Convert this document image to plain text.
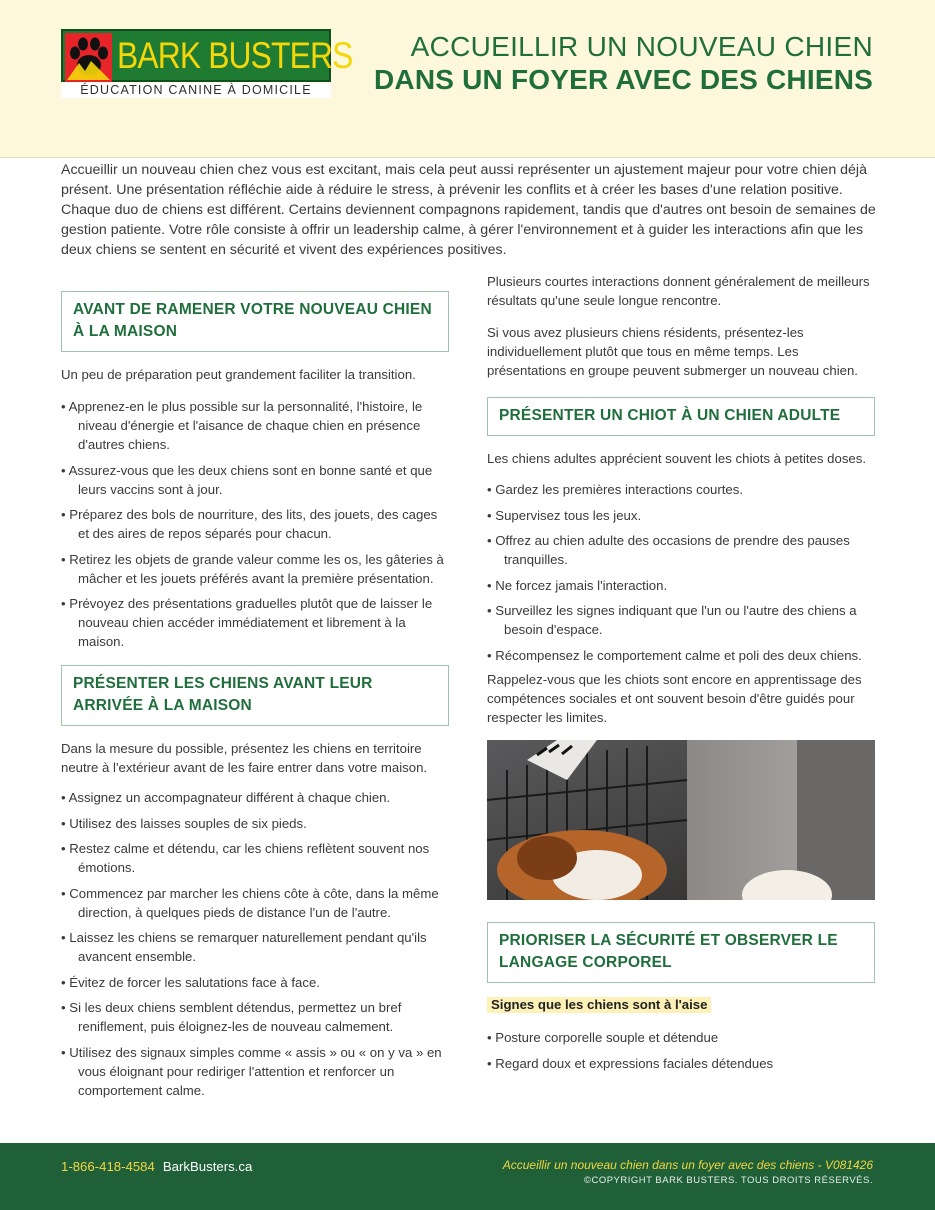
BARK BUSTERS
ÉDUCATION CANINE À DOMICILE
ACCUEILLIR UN NOUVEAU CHIEN
DANS UN FOYER AVEC DES CHIENS

Accueillir un nouveau chien chez vous est excitant, mais cela peut aussi représenter un ajustement majeur pour votre chien déjà présent. Une présentation réfléchie aide à réduire le stress, à prévenir les conflits et à créer les bases d'une relation positive. Chaque duo de chiens est différent. Certains deviennent compagnons rapidement, tandis que d'autres ont besoin de semaines de gestion patiente. Votre rôle consiste à offrir un leadership calme, à gérer l'environnement et à guider les interactions afin que les deux chiens se sentent en sécurité et vivent des expériences positives.

AVANT DE RAMENER VOTRE NOUVEAU CHIEN À LA MAISON

Un peu de préparation peut grandement faciliter la transition.

• Apprenez-en le plus possible sur la personnalité, l'histoire, le niveau d'énergie et l'aisance de chaque chien en présence d'autres chiens.
• Assurez-vous que les deux chiens sont en bonne santé et que leurs vaccins sont à jour.
• Préparez des bols de nourriture, des lits, des jouets, des cages et des aires de repos séparés pour chacun.
• Retirez les objets de grande valeur comme les os, les gâteries à mâcher et les jouets préférés avant la première présentation.
• Prévoyez des présentations graduelles plutôt que de laisser le nouveau chien accéder immédiatement et librement à la maison.
PRÉSENTER LES CHIENS AVANT LEUR ARRIVÉE À LA MAISON

Dans la mesure du possible, présentez les chiens en territoire neutre à l'extérieur avant de les faire entrer dans votre maison.

• Assignez un accompagnateur différent à chaque chien.
• Utilisez des laisses souples de six pieds.
• Restez calme et détendu, car les chiens reflètent souvent nos émotions.
• Commencez par marcher les chiens côte à côte, dans la même direction, à quelques pieds de distance l'un de l'autre.
• Laissez les chiens se remarquer naturellement pendant qu'ils avancent ensemble.
• Évitez de forcer les salutations face à face.
• Si les deux chiens semblent détendus, permettez un bref reniflement, puis éloignez-les de nouveau calmement.
• Utilisez des signaux simples comme « assis » ou « on y va » en vous éloignant pour rediriger l'attention et renforcer un comportement calme.

Plusieurs courtes interactions donnent généralement de meilleurs résultats qu'une seule longue rencontre.

Si vous avez plusieurs chiens résidents, présentez-les individuellement plutôt que tous en même temps. Les présentations en groupe peuvent submerger un nouveau chien.

PRÉSENTER UN CHIOT À UN CHIEN ADULTE

Les chiens adultes apprécient souvent les chiots à petites doses.

• Gardez les premières interactions courtes.
• Supervisez tous les jeux.
• Offrez au chien adulte des occasions de prendre des pauses tranquilles.
• Ne forcez jamais l'interaction.
• Surveillez les signes indiquant que l'un ou l'autre des chiens a besoin d'espace.
• Récompensez le comportement calme et poli des deux chiens.

Rappelez-vous que les chiots sont encore en apprentissage des compétences sociales et ont souvent besoin d'être guidés pour respecter les limites.

PRIORISER LA SÉCURITÉ ET OBSERVER LE LANGAGE CORPOREL
Signes que les chiens sont à l'aise
• Posture corporelle souple et détendue
• Regard doux et expressions faciales détendues
1-866-418-4584 BarkBusters.ca	Accueillir un nouveau chien dans un foyer avec des chiens - V081426
©COPYRIGHT BARK BUSTERS. TOUS DROITS RÉSERVÉS.
